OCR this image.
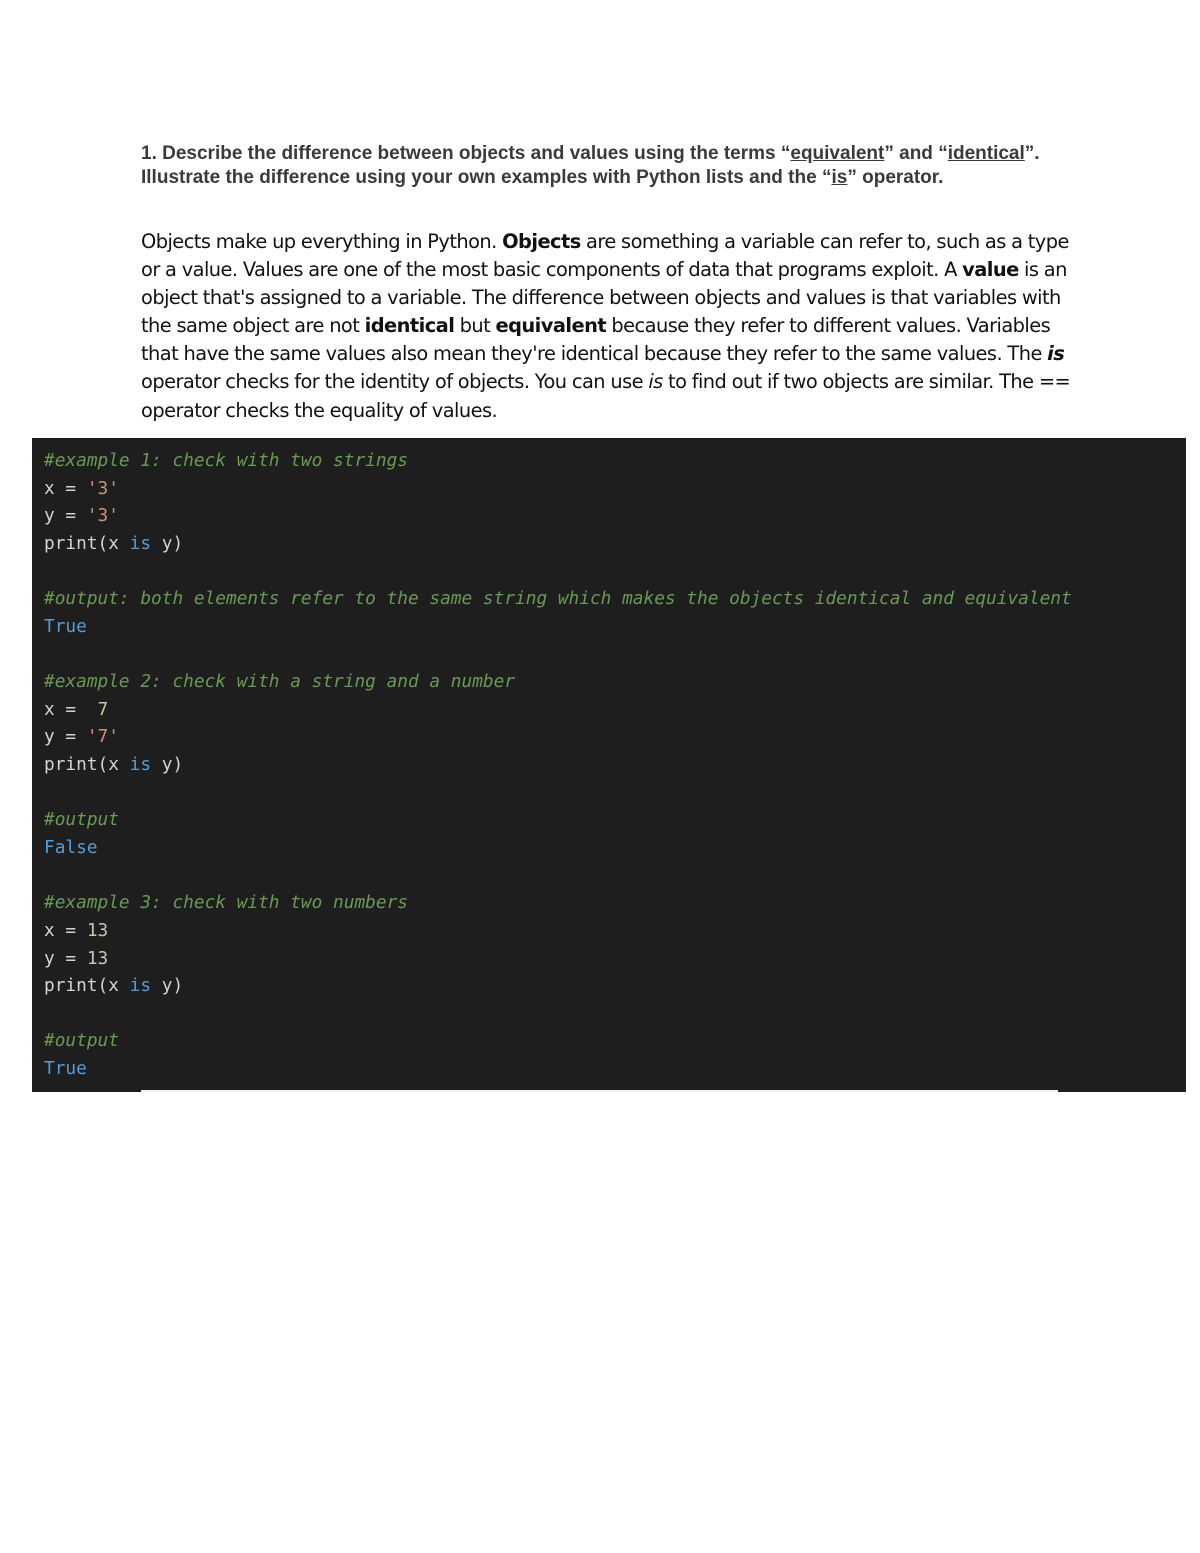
1. Describe the difference between objects and values using the terms “equivalent” and “identical”. Illustrate the difference using your own examples with Python lists and the “is” operator.

Objects make up everything in Python. Objects are something a variable can refer to, such as a type or a value. Values are one of the most basic components of data that programs exploit. A value is an object that's assigned to a variable. The difference between objects and values is that variables with the same object are not identical but equivalent because they refer to different values. Variables that have the same values also mean they're identical because they refer to the same values. The is operator checks for the identity of objects. You can use is to find out if two objects are similar. The == operator checks the equality of values.

#example 1: check with two strings
x = '3'
y = '3'
print(x is y)

#output: both elements refer to the same string which makes the objects identical and equivalent
True

#example 2: check with a string and a number
x =  7
y = '7'
print(x is y)

#output
False

#example 3: check with two numbers
x = 13
y = 13
print(x is y)

#output
True
